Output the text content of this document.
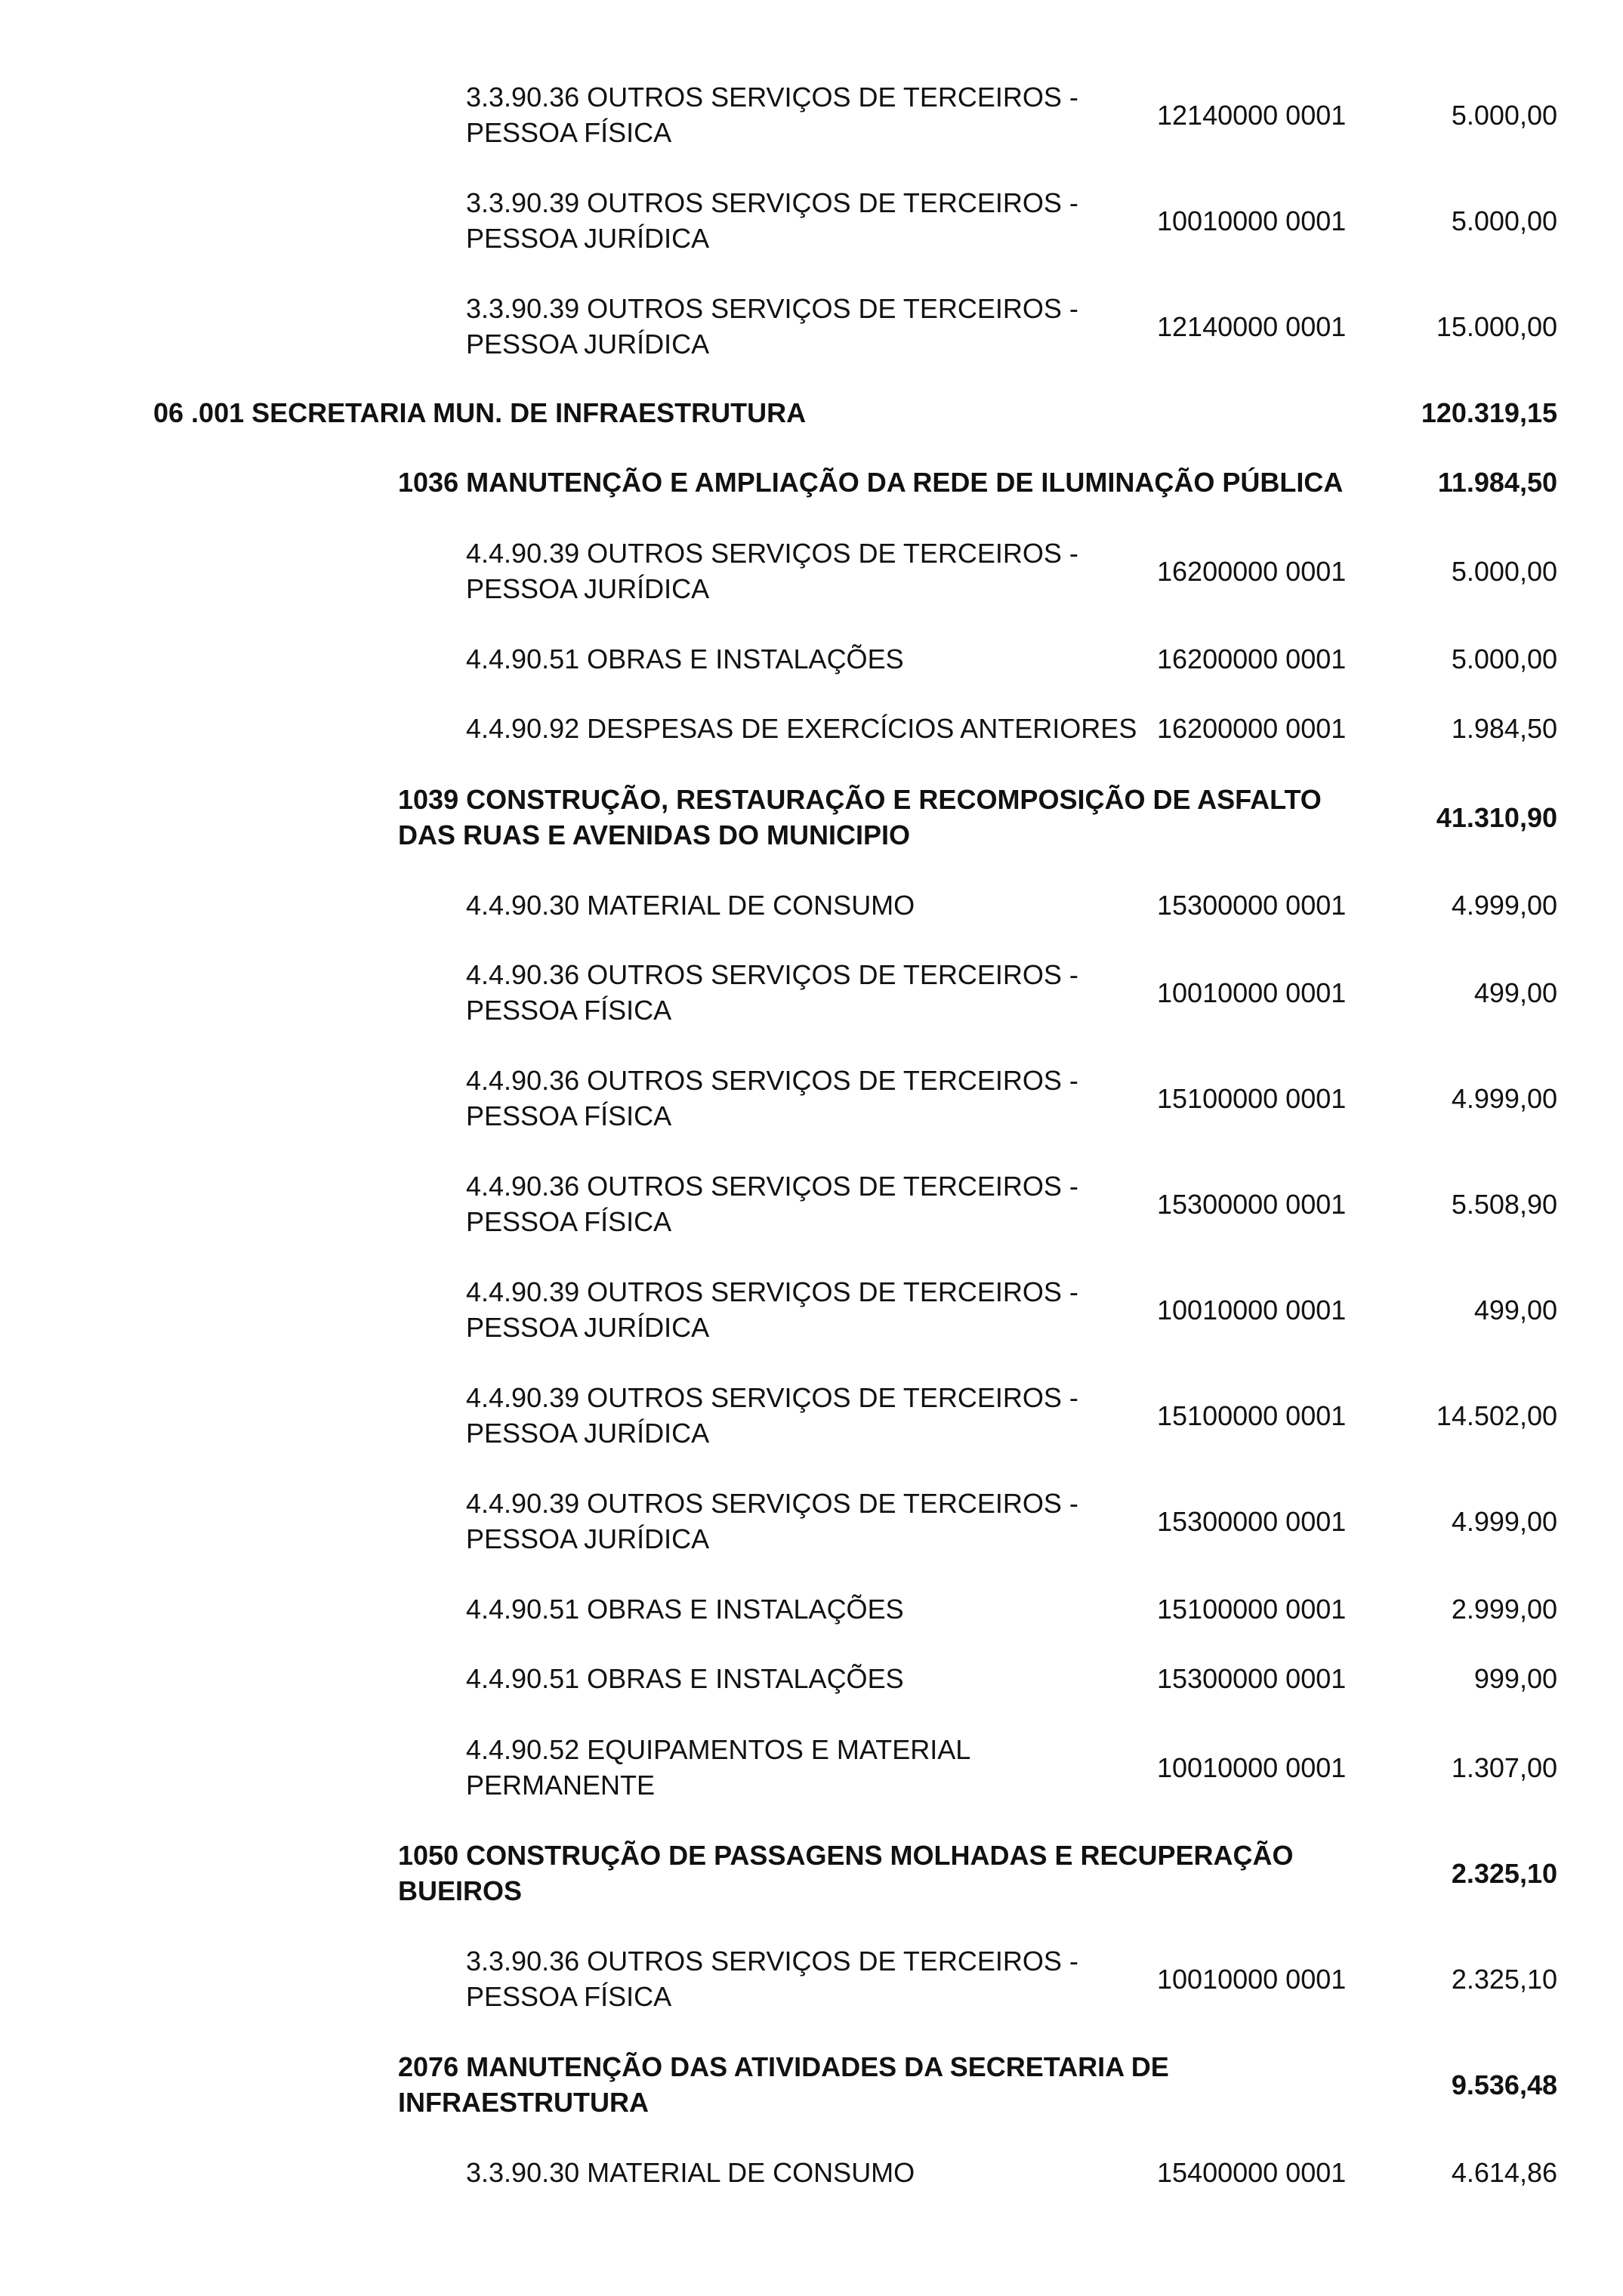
3.3.90.36 OUTROS SERVIÇOS DE TERCEIROS -
PESSOA FÍSICA
12140000 0001	5.000,00
3.3.90.39 OUTROS SERVIÇOS DE TERCEIROS -
PESSOA JURÍDICA
10010000 0001	5.000,00
3.3.90.39 OUTROS SERVIÇOS DE TERCEIROS -
PESSOA JURÍDICA
12140000 0001	15.000,00
06 .001 SECRETARIA MUN. DE INFRAESTRUTURA	120.319,15
1036 MANUTENÇÃO E AMPLIAÇÃO DA REDE DE ILUMINAÇÃO PÚBLICA	11.984,50
4.4.90.39 OUTROS SERVIÇOS DE TERCEIROS -
PESSOA JURÍDICA
16200000 0001	5.000,00
4.4.90.51 OBRAS E INSTALAÇÕES	16200000 0001	5.000,00
4.4.90.92 DESPESAS DE EXERCÍCIOS ANTERIORES 16200000 0001	1.984,50
1039 CONSTRUÇÃO, RESTAURAÇÃO E RECOMPOSIÇÃO DE ASFALTO
DAS RUAS E AVENIDAS DO MUNICIPIO
41.310,90
4.4.90.30 MATERIAL DE CONSUMO	15300000 0001	4.999,00
4.4.90.36 OUTROS SERVIÇOS DE TERCEIROS -
PESSOA FÍSICA
10010000 0001	499,00
4.4.90.36 OUTROS SERVIÇOS DE TERCEIROS -
PESSOA FÍSICA
15100000 0001	4.999,00
4.4.90.36 OUTROS SERVIÇOS DE TERCEIROS -
PESSOA FÍSICA
15300000 0001	5.508,90
4.4.90.39 OUTROS SERVIÇOS DE TERCEIROS -
PESSOA JURÍDICA
10010000 0001	499,00
4.4.90.39 OUTROS SERVIÇOS DE TERCEIROS -
PESSOA JURÍDICA
15100000 0001	14.502,00
4.4.90.39 OUTROS SERVIÇOS DE TERCEIROS -
PESSOA JURÍDICA
15300000 0001	4.999,00
4.4.90.51 OBRAS E INSTALAÇÕES	15100000 0001	2.999,00
4.4.90.51 OBRAS E INSTALAÇÕES	15300000 0001	999,00
4.4.90.52 EQUIPAMENTOS E MATERIAL
PERMANENTE
10010000 0001	1.307,00
1050 CONSTRUÇÃO DE PASSAGENS MOLHADAS E RECUPERAÇÃO
BUEIROS
2.325,10
3.3.90.36 OUTROS SERVIÇOS DE TERCEIROS -
PESSOA FÍSICA
10010000 0001	2.325,10
2076 MANUTENÇÃO DAS ATIVIDADES DA SECRETARIA DE
INFRAESTRUTURA
9.536,48
3.3.90.30 MATERIAL DE CONSUMO	15400000 0001	4.614,86
